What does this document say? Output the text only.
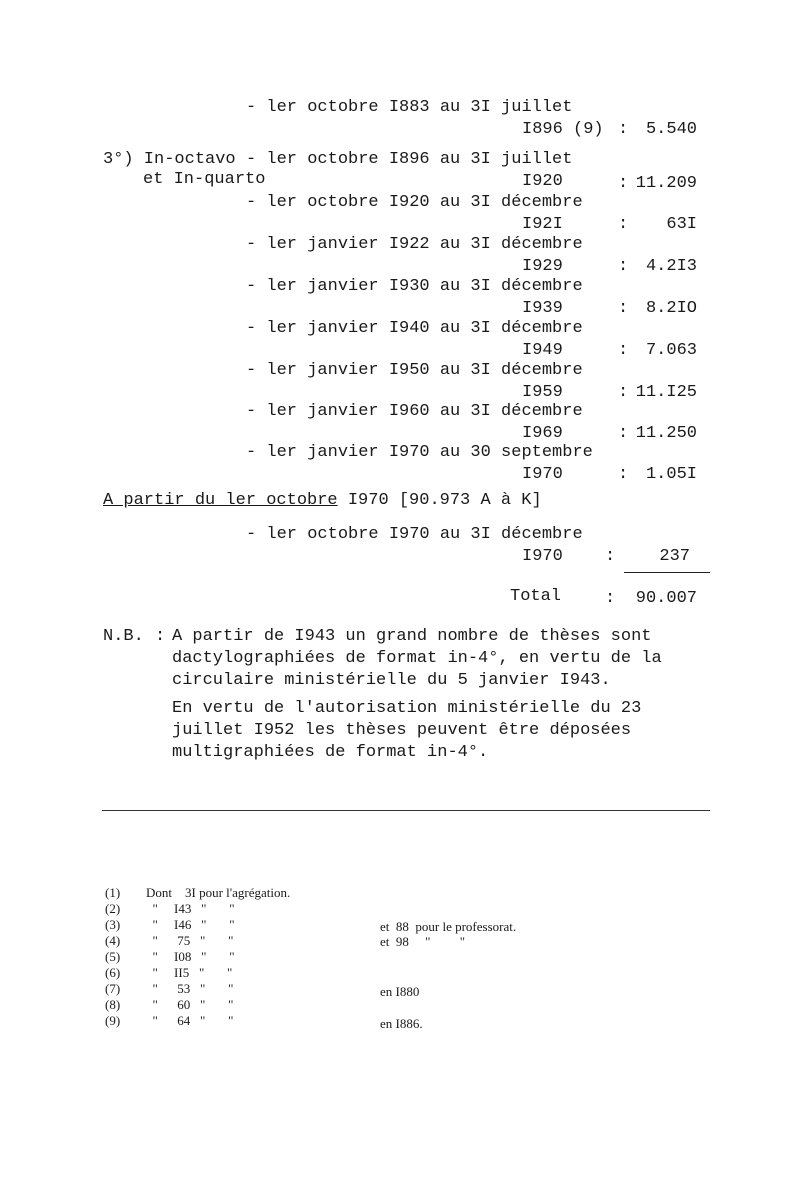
- ler octobre I883 au 3I juillet
I896 (9) : 5.540
3°) In-octavo
et In-quarto
- ler octobre I896 au 3I juillet
I920	: 11.209
- ler octobre I920 au 3I décembre
I92I	: 63I
- ler janvier I922 au 3I décembre
I929	: 4.2I3
- ler janvier I930 au 3I décembre
I939	: 8.2IO
- ler janvier I940 au 3I décembre
I949	: 7.063
- ler janvier I950 au 3I décembre
I959	: 11.I25
- ler janvier I960 au 3I décembre
I969	: 11.250
- ler janvier I970 au 30 septembre
I970	: 1.05I
A partir du ler octobre I970 [90.973 A à K]
- ler octobre I970 au 3I décembre
I970 :	237
Total	: 90.007
N.B. : A partir de I943 un grand nombre de thèses sont
dactylographiées de format in-4°, en vertu de la
circulaire ministérielle du 5 janvier I943.
En vertu de l'autorisation ministérielle du 23
juillet I952 les thèses peuvent être déposées
multigraphiées de format in-4°.
(1) Dont    3I pour l'agrégation.
(2) "     I43   "       "
(3) "     I46   "       "	et  88  pour le professorat.
(4) "      75   "       "	et  98     "         "
(5) "     I08   "       "
(6) "     II5   "       "
(7) "      53   "       "	en I880
(8) "      60   "       "
(9) "      64   "       "	en I886.
